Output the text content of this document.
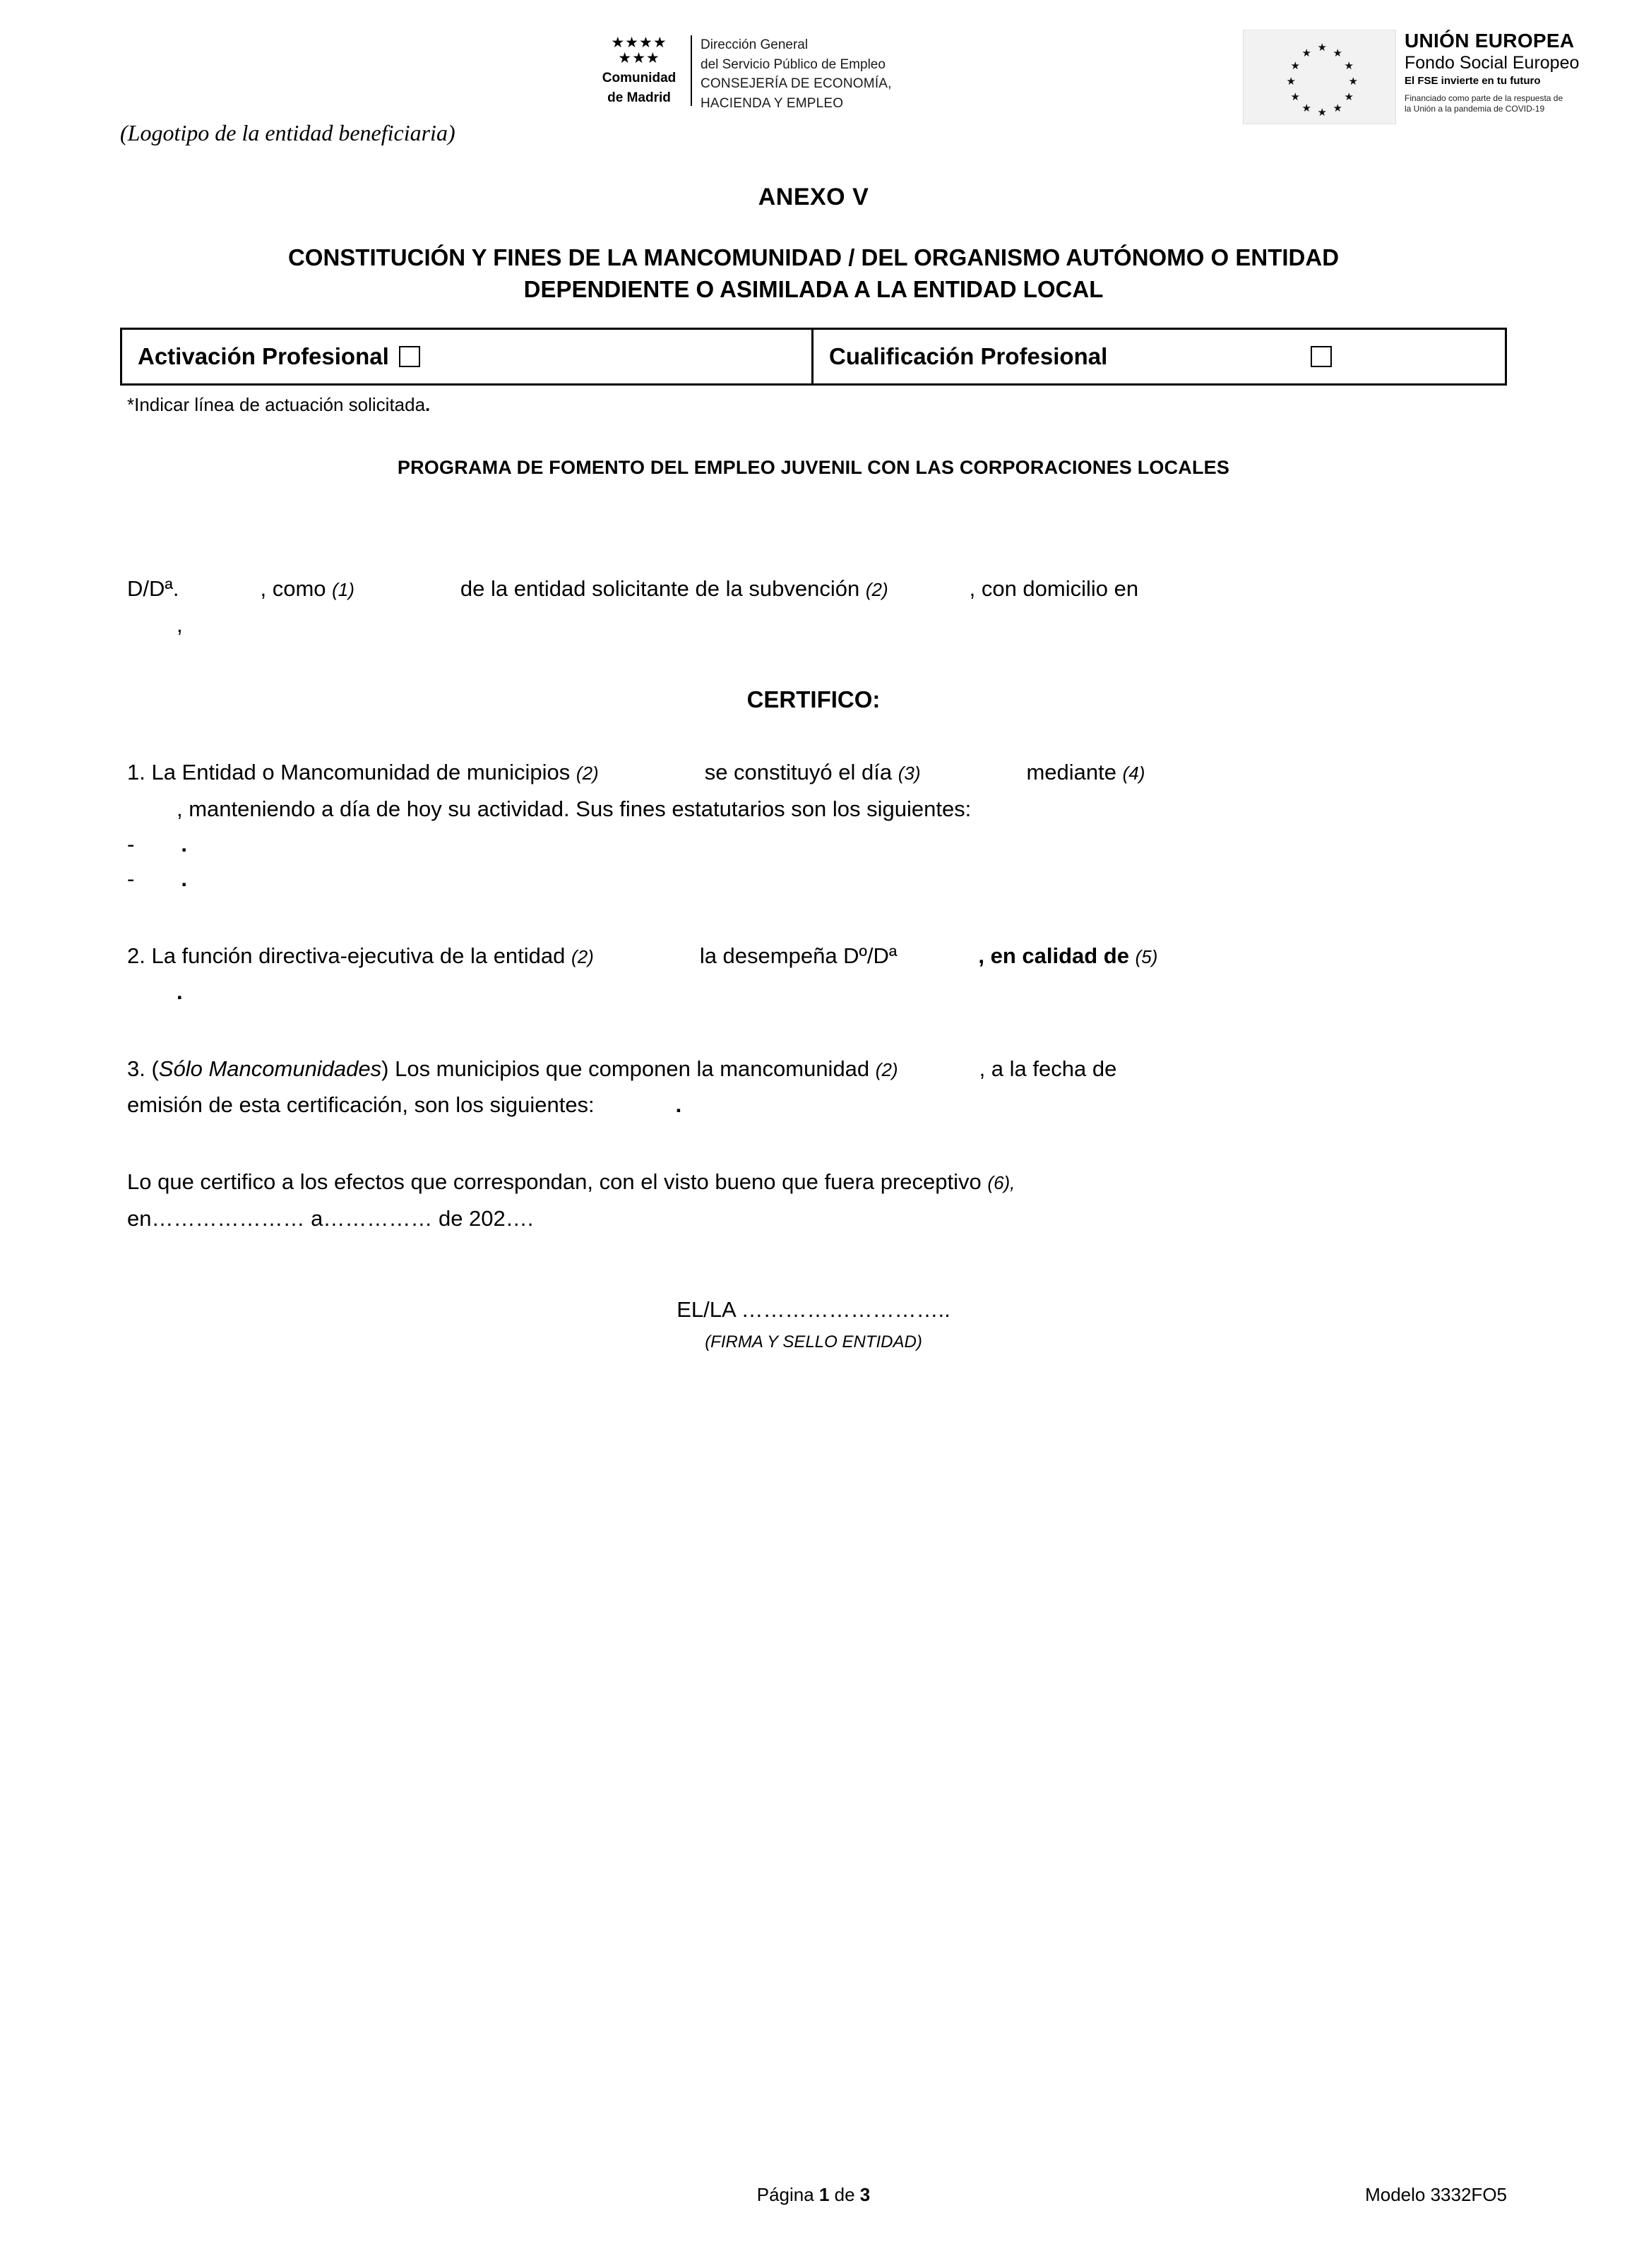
(Logotipo de la entidad beneficiaria)
★★★★
★★★
Comunidad
de Madrid
Dirección General
del Servicio Público de Empleo
CONSEJERÍA DE ECONOMÍA,
HACIENDA Y EMPLEO
★ ★
★
★
★
★
★
★
★
★
★
★
UNIÓN EUROPEA
Fondo Social Europeo
El FSE invierte en tu futuro
Financiado como parte de la respuesta de
la Unión a la pandemia de COVID-19
ANEXO V
CONSTITUCIÓN Y FINES DE LA MANCOMUNIDAD / DEL ORGANISMO AUTÓNOMO O ENTIDAD
DEPENDIENTE O ASIMILADA A LA ENTIDAD LOCAL
Activación Profesional	Cualificación Profesional
*Indicar línea de actuación solicitada.
PROGRAMA DE FOMENTO DEL EMPLEO JUVENIL CON LAS CORPORACIONES LOCALES

D/Dª.	, como (1)	de la entidad solicitante de la subvención (2)	, con domicilio en
,

CERTIFICO:

1. La Entidad o Mancomunidad de municipios (2)	se constituyó el día (3)	mediante (4)
, manteniendo a día de hoy su actividad. Sus fines estatutarios son los siguientes:

- .

- .

2. La función directiva-ejecutiva de la entidad (2)	la desempeña Dº/Dª	, en calidad de (5)
.

3. (Sólo Mancomunidades) Los municipios que componen la mancomunidad (2)	, a la fecha de
emisión de esta certificación, son los siguientes:	.

Lo que certifico a los efectos que correspondan, con el visto bueno que fuera preceptivo (6),
en………………… a…………… de 202….

EL/LA ………………………..
(FIRMA Y SELLO ENTIDAD)
Página 1 de 3	Modelo 3332FO5
